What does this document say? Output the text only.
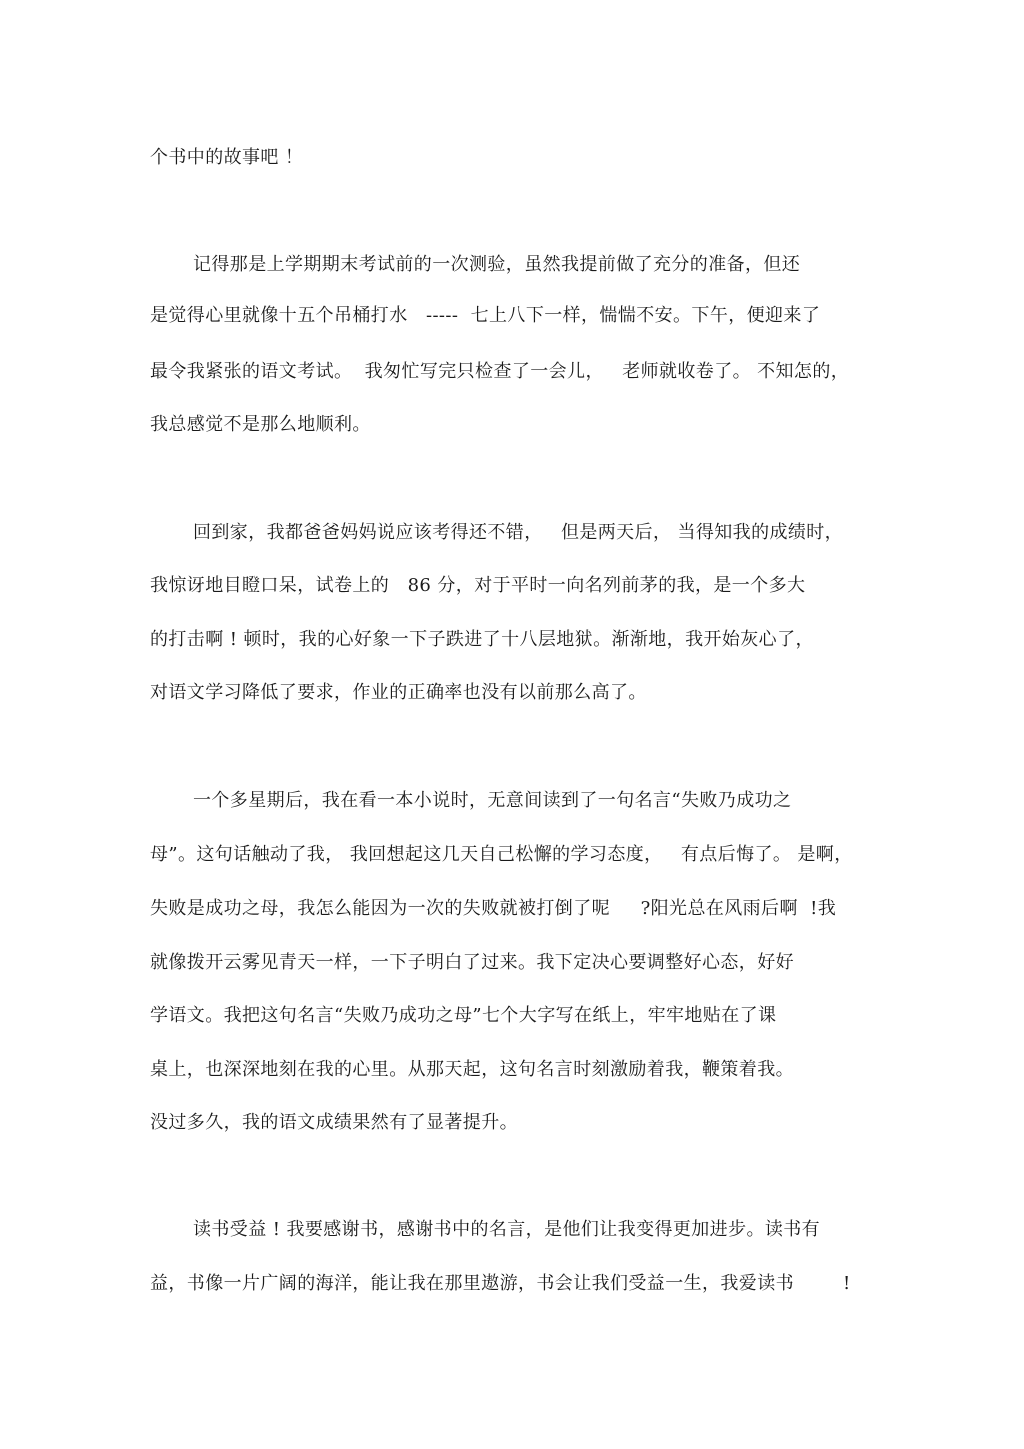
个书中的故事吧 ！
记得那是上学期期末考试前的一次测验，虽然我提前做了充分的准备，但还
是觉得心里就像十五个吊桶打水   -----  七上八下一样，惴惴不安。下午，便迎来了
最令我紧张的语文考试。  我匆忙写完只检查了一会儿，   老师就收卷了。 不知怎的，
我总感觉不是那么地顺利。
回到家，我都爸爸妈妈说应该考得还不错，   但是两天后， 当得知我的成绩时，
我惊讶地目瞪口呆，试卷上的   86 分，对于平时一向名列前茅的我，是一个多大
的打击啊 ! 顿时，我的心好象一下子跌进了十八层地狱。渐渐地，我开始灰心了，
对语文学习降低了要求，作业的正确率也没有以前那么高了。
一个多星期后，我在看一本小说时，无意间读到了一句名言“失败乃成功之
母”。这句话触动了我， 我回想起这几天自己松懈的学习态度，   有点后悔了。 是啊，
失败是成功之母，我怎么能因为一次的失败就被打倒了呢     ?阳光总在风雨后啊  !我
就像拨开云雾见青天一样，一下子明白了过来。我下定决心要调整好心态，好好
学语文。我把这句名言“失败乃成功之母”七个大字写在纸上，牢牢地贴在了课
桌上，也深深地刻在我的心里。从那天起，这句名言时刻激励着我，鞭策着我。
没过多久，我的语文成绩果然有了显著提升。
读书受益 ! 我要感谢书，感谢书中的名言，是他们让我变得更加进步。读书有
益，书像一片广阔的海洋，能让我在那里遨游，书会让我们受益一生，我爱读书        !
